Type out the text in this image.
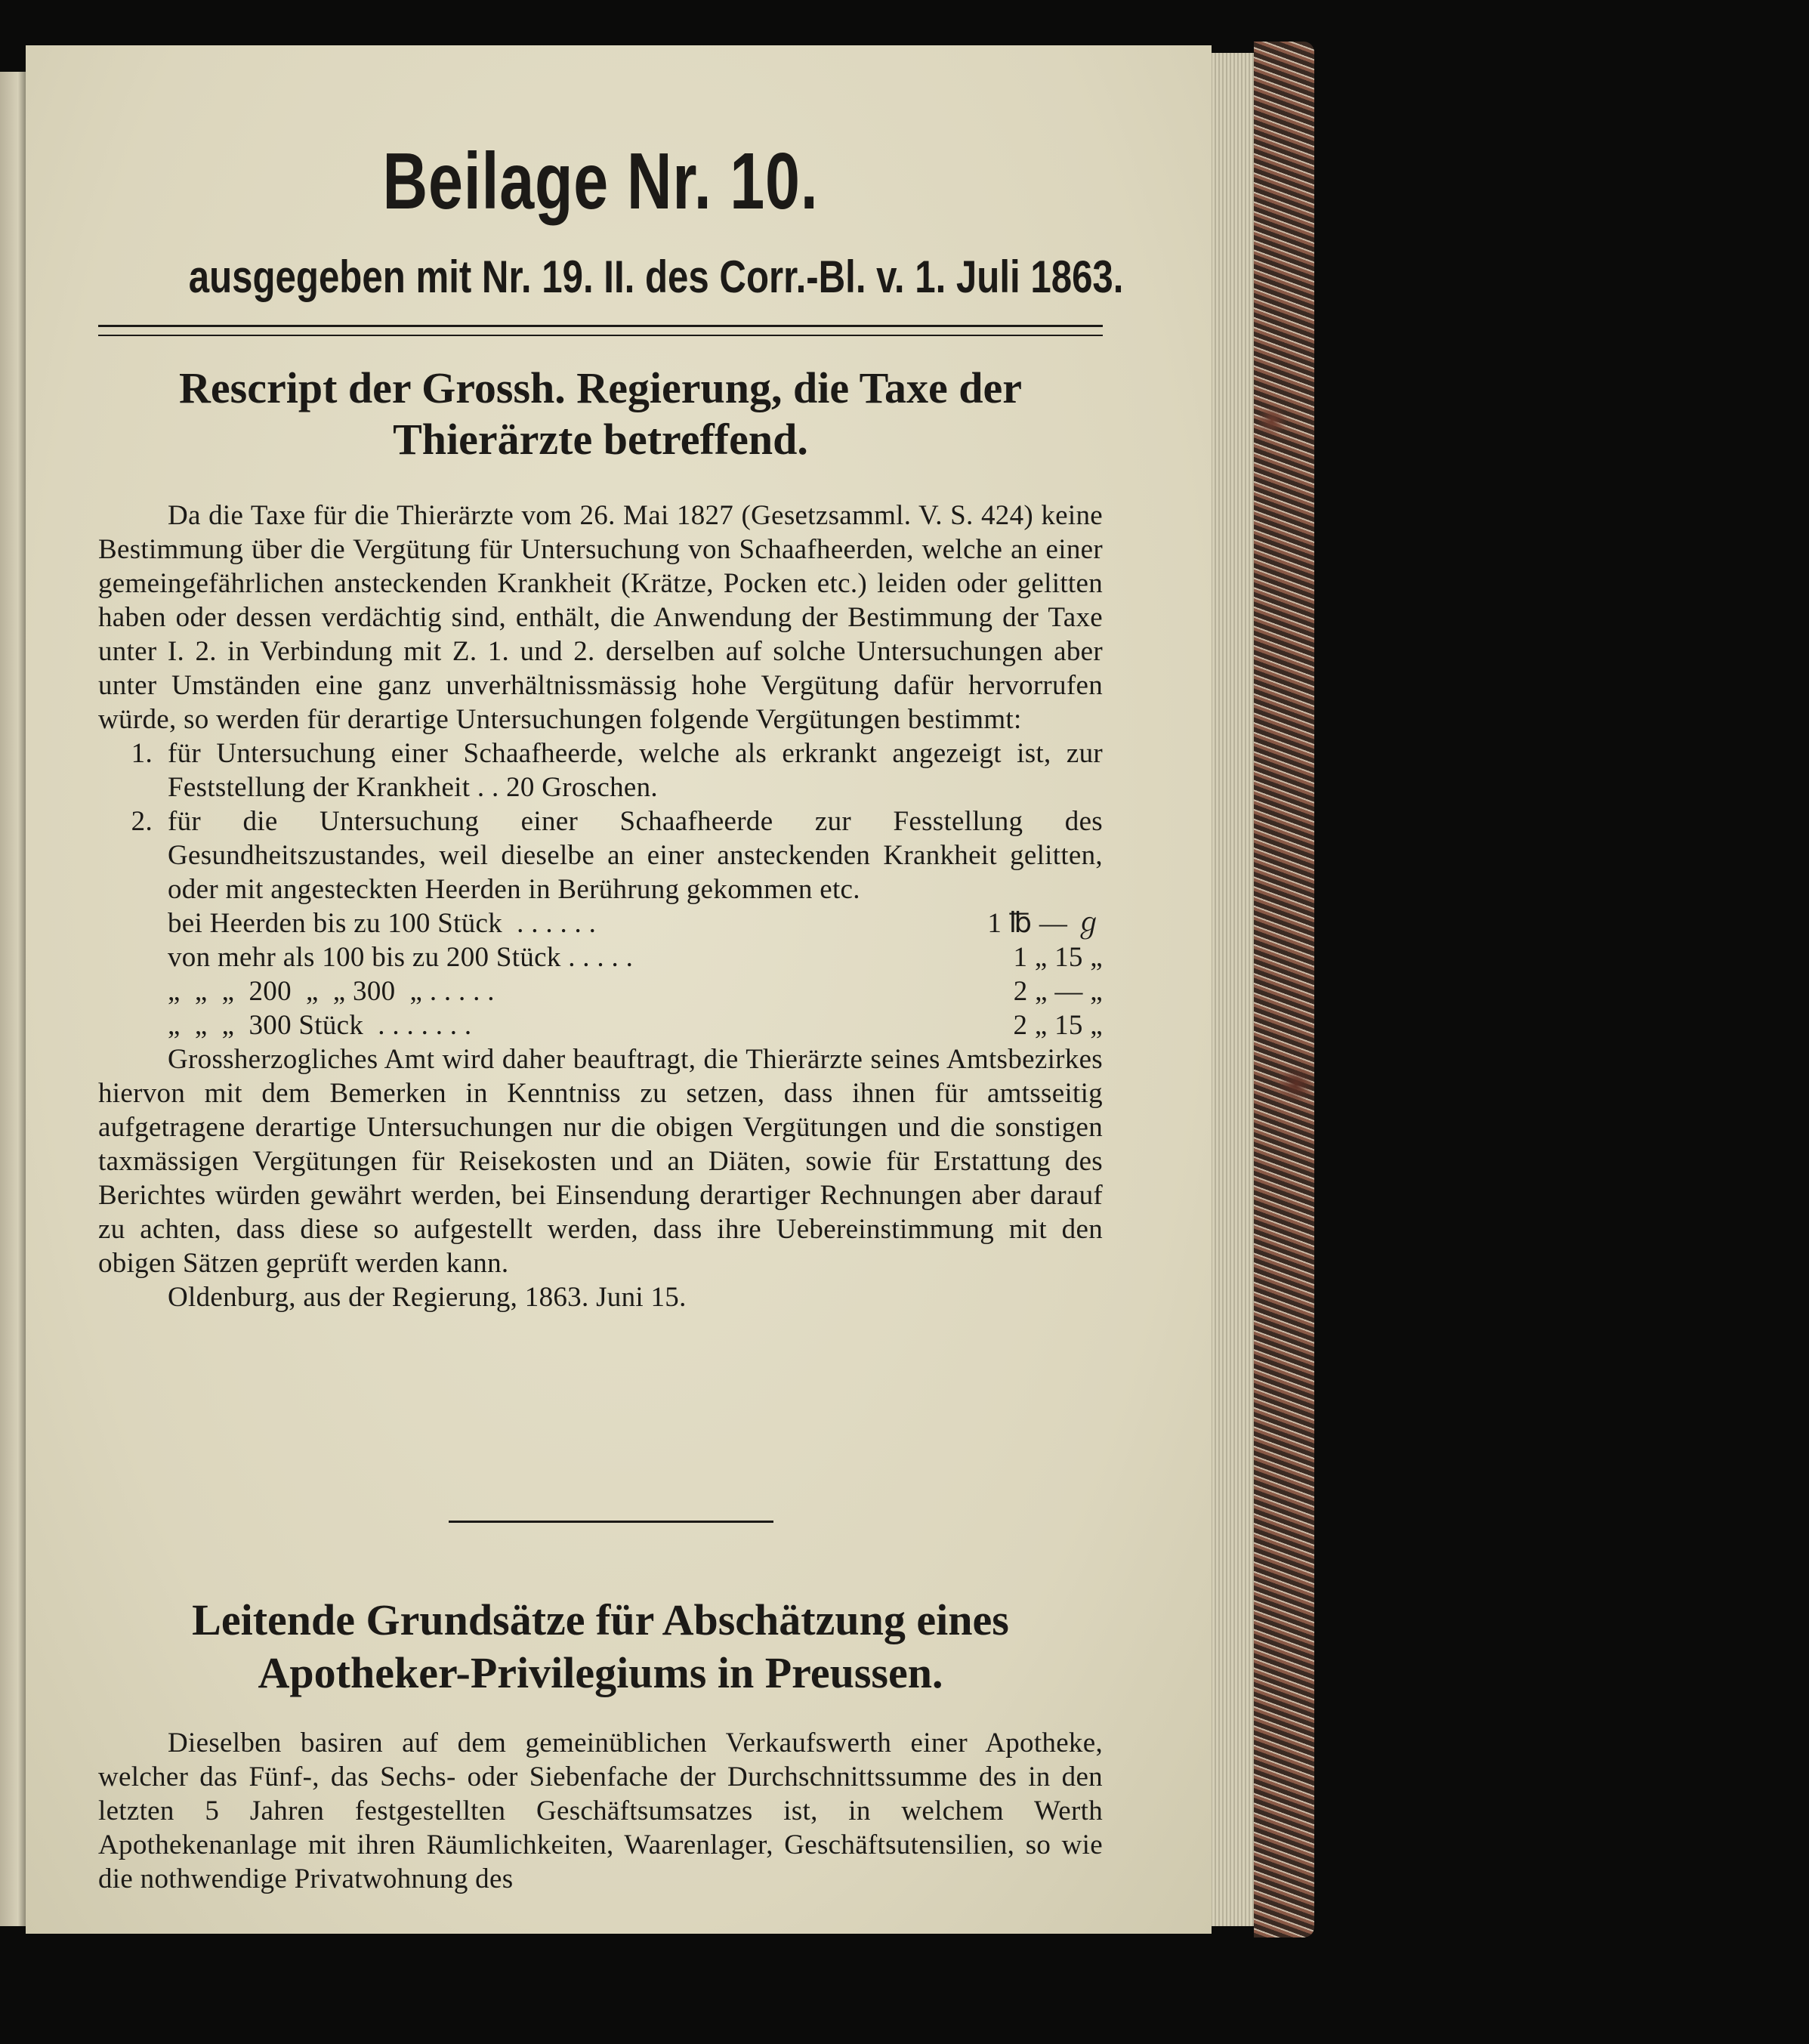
Beilage Nr. 10.
ausgegeben mit Nr. 19. II. des Corr.-Bl. v. 1. Juli 1863.
Rescript der Grossh. Regierung, die Taxe der
Thierärzte betreffend.

Da die Taxe für die Thierärzte vom 26. Mai 1827 (Gesetzsamml. V. S. 424) keine Bestimmung über die Vergütung für Untersuchung von Schaafheerden, welche an einer gemeingefährlichen ansteckenden Krankheit (Krätze, Pocken etc.) leiden oder gelitten haben oder dessen verdächtig sind, enthält, die Anwendung der Bestimmung der Taxe unter I. 2. in Verbindung mit Z. 1. und 2. derselben auf solche Untersuchungen aber unter Umständen eine ganz unverhältnissmässig hohe Vergütung dafür hervorrufen würde, so werden für derartige Untersuchungen folgende Vergütungen bestimmt:

1. für Untersuchung einer Schaafheerde, welche als erkrankt angezeigt ist, zur Feststellung der Krankheit . . 20 Groschen.
2. für die Untersuchung einer Schaafheerde zur Fesstellung des Gesundheitszustandes, weil dieselbe an einer ansteckenden Krankheit gelitten, oder mit angesteckten Heerden in Berührung gekommen etc.
bei Heerden bis zu 100 Stück  . . . . . .	1 ℔ — ℊ
von mehr als 100 bis zu 200 Stück . . . . .	1 „ 15 „
„  „  „  200  „  „ 300  „ . . . . .	2 „ — „
„  „  „  300 Stück  . . . . . . .	2 „ 15 „

Grossherzogliches Amt wird daher beauftragt, die Thierärzte seines Amtsbezirkes hiervon mit dem Bemerken in Kenntniss zu setzen, dass ihnen für amtsseitig aufgetragene derartige Untersuchungen nur die obigen Vergütungen und die sonstigen taxmässigen Vergütungen für Reisekosten und an Diäten, sowie für Erstattung des Berichtes würden gewährt werden, bei Einsendung derartiger Rechnungen aber darauf zu achten, dass diese so aufgestellt werden, dass ihre Uebereinstimmung mit den obigen Sätzen geprüft werden kann.

Oldenburg, aus der Regierung, 1863. Juni 15.

Leitende Grundsätze für Abschätzung eines
Apotheker-Privilegiums in Preussen.

Dieselben basiren auf dem gemeinüblichen Verkaufswerth einer Apotheke, welcher das Fünf-, das Sechs- oder Siebenfache der Durchschnittssumme des in den letzten 5 Jahren festgestellten Geschäftsumsatzes ist, in welchem Werth Apothekenanlage mit ihren Räumlichkeiten, Waarenlager, Geschäftsutensilien, so wie die nothwendige Privatwohnung des
